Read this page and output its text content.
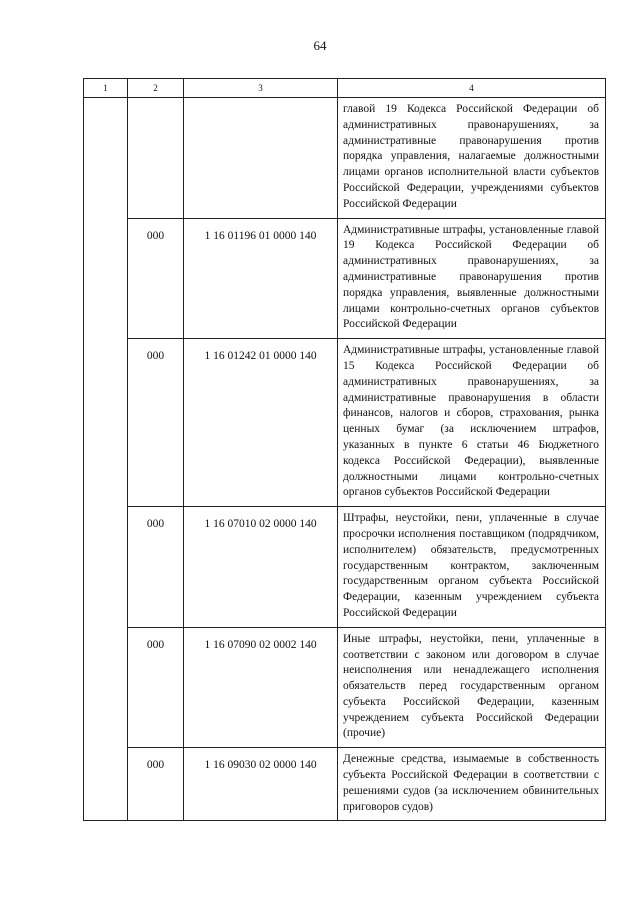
64
1	2	3	4
			главой 19 Кодекса Российской Федерации об административных правонарушениях, за административные правонарушения против порядка управления, налагаемые должностными лицами органов исполнительной власти субъектов Российской Федерации, учреждениями субъектов Российской Федерации
	000	1 16 01196 01 0000 140	Административные штрафы, установленные главой 19 Кодекса Российской Федерации об административных правонарушениях, за административные правонарушения против порядка управления, выявленные должностными лицами контрольно-счетных органов субъектов Российской Федерации
	000	1 16 01242 01 0000 140	Административные штрафы, установленные главой 15 Кодекса Российской Федерации об административных правонарушениях, за административные правонарушения в области финансов, налогов и сборов, страхования, рынка ценных бумаг (за исключением штрафов, указанных в пункте 6 статьи 46 Бюджетного кодекса Российской Федерации), выявленные должностными лицами контрольно-счетных органов субъектов Российской Федерации
	000	1 16 07010 02 0000 140	Штрафы, неустойки, пени, уплаченные в случае просрочки исполнения поставщиком (подрядчиком, исполнителем) обязательств, предусмотренных государственным контрактом, заключенным государственным органом субъекта Российской Федерации, казенным учреждением субъекта Российской Федерации
	000	1 16 07090 02 0002 140	Иные штрафы, неустойки, пени, уплаченные в соответствии с законом или договором в случае неисполнения или ненадлежащего исполнения обязательств перед государственным органом субъекта Российской Федерации, казенным учреждением субъекта Российской Федерации (прочие)
	000	1 16 09030 02 0000 140	Денежные средства, изымаемые в собственность субъекта Российской Федерации в соответствии с решениями судов (за исключением обвинительных приговоров судов)
